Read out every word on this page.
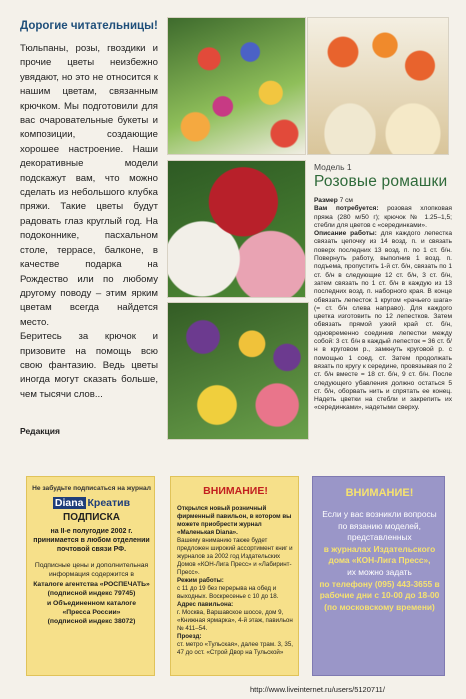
Дорогие читательницы!
Тюльпаны, розы, гвоздики и прочие цветы неизбежно увядают, но это не относится к нашим цветам, связанным крючком. Мы подготовили для вас очаровательные букеты и композиции, создающие хорошее настроение. Наши декоративные модели подскажут вам, что можно сделать из небольшого клубка пряжи. Такие цветы будут радовать глаз круглый год. На подоконнике, пасхальном столе, террасе, балконе, в качестве подарка на Рождество или по любому другому поводу – этим ярким цветам всегда найдется место.
Беритесь за крючок и призовите на помощь всю свою фантазию. Ведь цветы иногда могут сказать больше, чем тысячи слов...
Редакция
Модель 1
Розовые ромашки
Размер 7 см
Вам потребуется: розовая хлопковая пряжа (280 м/50 г); крючок № 1.25–1,5; стебли для цветов с «серединками».
Описание работы: для каждого лепестка связать цепочку из 14 возд. п. и связать поверх последних 13 возд. п. по 1 ст. б/н. Повернуть работу, выполнив 1 возд. п. подъема, пропустить 1-й ст. б/н, связать по 1 ст. б/н в следующие 12 ст. б/н, 3 ст. б/н, затем связать по 1 ст. б/н в каждую из 13 последних возд. п. наборного края. В конце обвязать лепесток 1 кругом «рачьего шага» (= ст. б/н слева направо). Для каждого цветка изготовить по 12 лепестков. Затем обвязать прямой узкий край ст. б/н, одновременно соединив лепестки между собой: 3 ст. б/н в каждый лепесток = 36 ст. б/н в круговом р., замкнуть круговой р. с помощью 1 соед. ст. Затем продолжать вязать по кругу к середине, провязывая по 2 ст. б/н вместе = 18 ст. б/н, 9 ст. б/н. После следующего убавления должно остаться 5 ст. б/н, оборвать нить и спрятать ее конец. Надеть цветки на стебли и закрепить их «серединками», надетыми сверху.
Не забудьте подписаться на журнал
Diana Креатив
ПОДПИСКА
на II-е полугодие 2002 г. принимается в любом отделении почтовой связи РФ.
Подписные цены и дополнительная информация содержится в
Каталоге агентства «РОСПЕЧАТЬ»
(подписной индекс 79745)
и Объединенном каталоге
«Пресса России»
(подписной индекс 38072)
ВНИМАНИЕ!
Открылся новый розничный фирменный павильон, в котором вы можете приобрести журнал «Маленькая Diana».
Вашему вниманию также будет предложен широкий ассортимент книг и журналов за 2002 год Издательских Домов «КОН-Лига Пресс» и «Лабиринт-Пресс».
Режим работы:
с 11 до 19 без перерыва на обед и выходных. Воскресенье с 10 до 18.
Адрес павильона:
г. Москва, Варшавское шоссе, дом 9, «Книжная ярмарка», 4-й этаж, павильон № 411–54.
Проезд:
ст. метро «Тульская», далее трам. 3, 35, 47 до ост. «Строй Двор на Тульской»
ВНИМАНИЕ!
Если у вас возникли вопросы по вязанию моделей, представленных
в журналах Издательского дома «КОН-Лига Пресс»,
их можно задать
по телефону (095) 443-3655 в рабочие дни с 10-00 до 18-00 (по московскому времени)
http://www.liveinternet.ru/users/5120711/
